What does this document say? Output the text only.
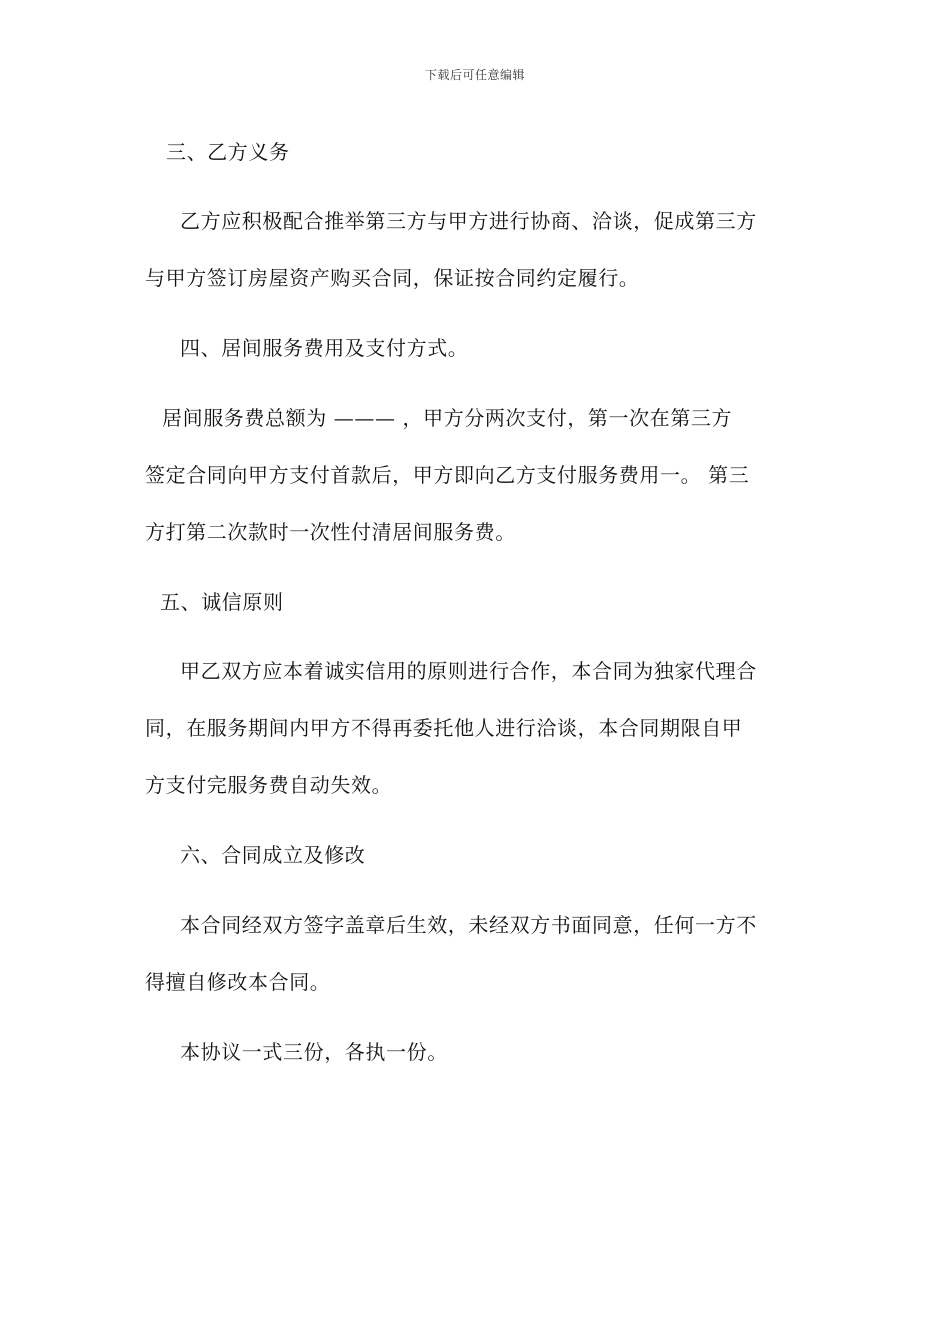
下载后可任意编辑
三、乙方义务
乙方应积极配合推举第三方与甲方进行协商、洽谈，促成第三方
与甲方签订房屋资产购买合同，保证按合同约定履行。
四、居间服务费用及支付方式。
居间服务费总额为 ——— ，甲方分两次支付，第一次在第三方
签定合同向甲方支付首款后，甲方即向乙方支付服务费用一。 第三
方打第二次款时一次性付清居间服务费。
五、诚信原则
甲乙双方应本着诚实信用的原则进行合作，本合同为独家代理合
同，在服务期间内甲方不得再委托他人进行洽谈，本合同期限自甲
方支付完服务费自动失效。
六、合同成立及修改
本合同经双方签字盖章后生效，未经双方书面同意，任何一方不
得擅自修改本合同。
本协议一式三份，各执一份。
